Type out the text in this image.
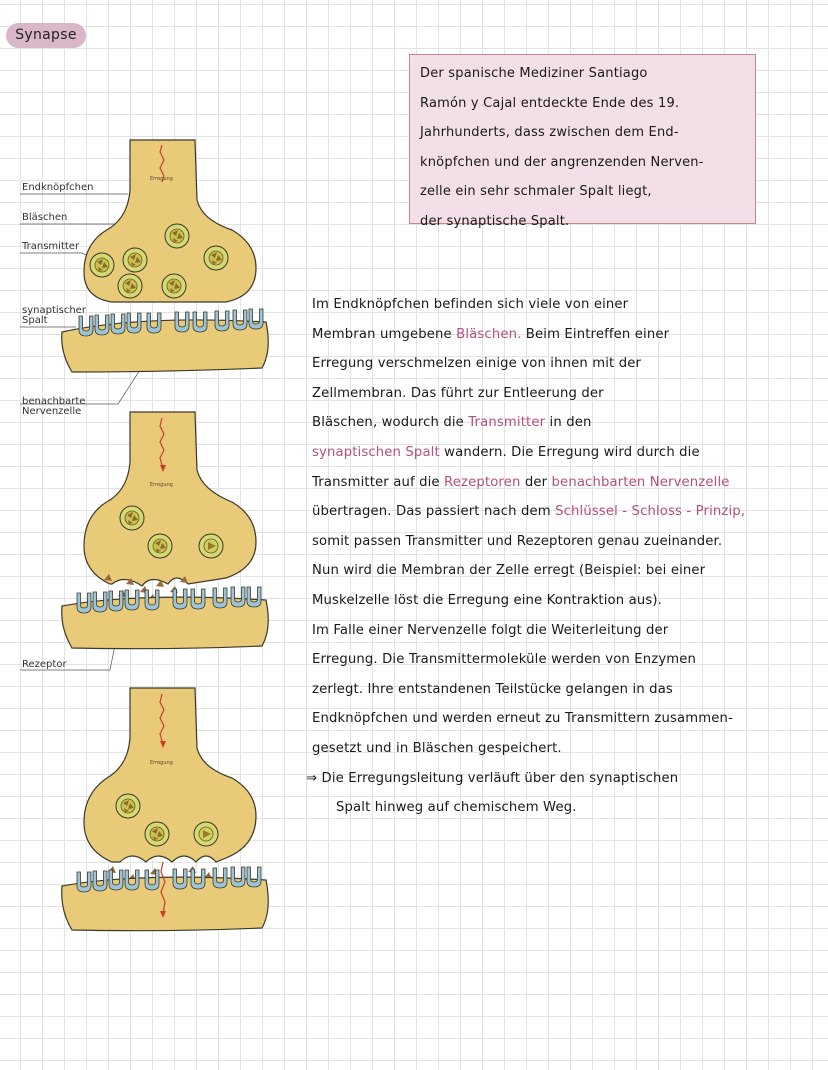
Synapse
Der spanische Mediziner Santiago
Ramón y Cajal entdeckte Ende des 19.
Jahrhunderts, dass zwischen dem End-
knöpfchen und der angrenzenden Nerven-
zelle ein sehr schmaler Spalt liegt,
der synaptische Spalt.
Endknöpfchen
Bläschen
Transmitter
synaptischer
Spalt
benachbarte
Nervenzelle
Rezeptor
Erregung
Erregung
Erregung
Im Endknöpfchen befinden sich viele von einer
Membran umgebene Bläschen. Beim Eintreffen einer
Erregung verschmelzen einige von ihnen mit der
Zellmembran. Das führt zur Entleerung der
Bläschen, wodurch die Transmitter in den
synaptischen Spalt wandern. Die Erregung wird durch die
Transmitter auf die Rezeptoren der benachbarten Nervenzelle
übertragen. Das passiert nach dem Schlüssel - Schloss - Prinzip,
somit passen Transmitter und Rezeptoren genau zueinander.
Nun wird die Membran der Zelle erregt (Beispiel: bei einer
Muskelzelle löst die Erregung eine Kontraktion aus).
Im Falle einer Nervenzelle folgt die Weiterleitung der
Erregung. Die Transmittermoleküle werden von Enzymen
zerlegt. Ihre entstandenen Teilstücke gelangen in das
Endknöpfchen und werden erneut zu Transmittern zusammen-
gesetzt und in Bläschen gespeichert.
⇒ Die Erregungsleitung verläuft über den synaptischen
Spalt hinweg auf chemischem Weg.
